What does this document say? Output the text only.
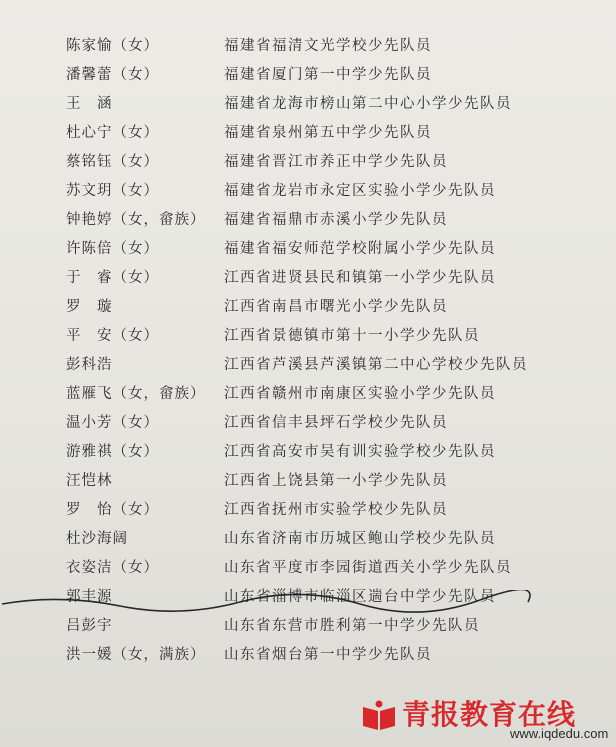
陈家愉（女）	福建省福清文光学校少先队员
潘馨蕾（女）	福建省厦门第一中学少先队员
王　涵	福建省龙海市榜山第二中心小学少先队员
杜心宁（女）	福建省泉州第五中学少先队员
蔡铭钰（女）	福建省晋江市养正中学少先队员
苏文玥（女）	福建省龙岩市永定区实验小学少先队员
钟艳婷（女，畲族） 福建省福鼎市赤溪小学少先队员
许陈倍（女）	福建省福安师范学校附属小学少先队员
于　睿（女）	江西省进贤县民和镇第一小学少先队员
罗　璇	江西省南昌市曙光小学少先队员
平　安（女）	江西省景德镇市第十一小学少先队员
彭科浩	江西省芦溪县芦溪镇第二中心学校少先队员
蓝雁飞（女，畲族） 江西省赣州市南康区实验小学少先队员
温小芳（女）	江西省信丰县坪石学校少先队员
游雅祺（女）	江西省高安市吴有训实验学校少先队员
汪恺林	江西省上饶县第一小学少先队员
罗　怡（女）	江西省抚州市实验学校少先队员
杜沙海阔	山东省济南市历城区鲍山学校少先队员
衣姿洁（女）	山东省平度市李园街道西关小学少先队员
郭丰源	山东省淄博市临淄区遄台中学少先队员
吕彭宇	山东省东营市胜利第一中学少先队员
洪一媛（女，满族） 山东省烟台第一中学少先队员
青报教育在线
www.iqdedu.com
